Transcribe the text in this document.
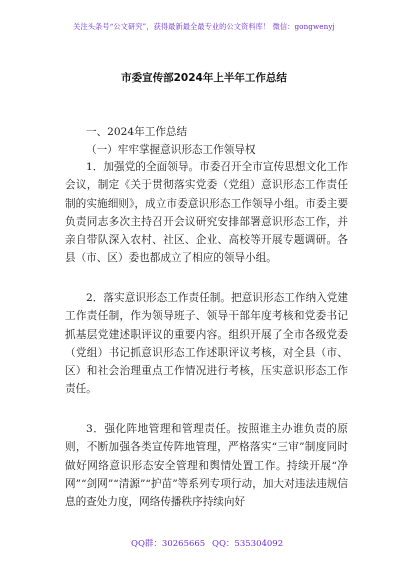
关注头条号“公文研究”，获得最新最全最专业的公文资料库！ 微信：gongwenyj
市委宣传部2024年上半年工作总结
一、2024年工作总结
（一）牢牢掌握意识形态工作领导权
1．加强党的全面领导。市委召开全市宣传思想文化工作会议，制定《关于贯彻落实党委（党组）意识形态工作责任制的实施细则》，成立市委意识形态工作领导小组。市委主要负责同志多次主持召开会议研究安排部署意识形态工作，并亲自带队深入农村、社区、企业、高校等开展专题调研。各县（市、区）委也都成立了相应的领导小组。
2．落实意识形态工作责任制。把意识形态工作纳入党建工作责任制，作为领导班子、领导干部年度考核和党委书记抓基层党建述职评议的重要内容。组织开展了全市各级党委（党组）书记抓意识形态工作述职评议考核，对全县（市、区）和社会治理重点工作情况进行考核，压实意识形态工作责任。
3．强化阵地管理和管理责任。按照谁主办谁负责的原则，不断加强各类宣传阵地管理，严格落实“三审”制度同时做好网络意识形态安全管理和舆情处置工作。持续开展“净网”“剑网”“清源”“护苗”等系列专项行动，加大对违法违规信息的查处力度，网络传播秩序持续向好
QQ群：30265665 QQ：535304092
